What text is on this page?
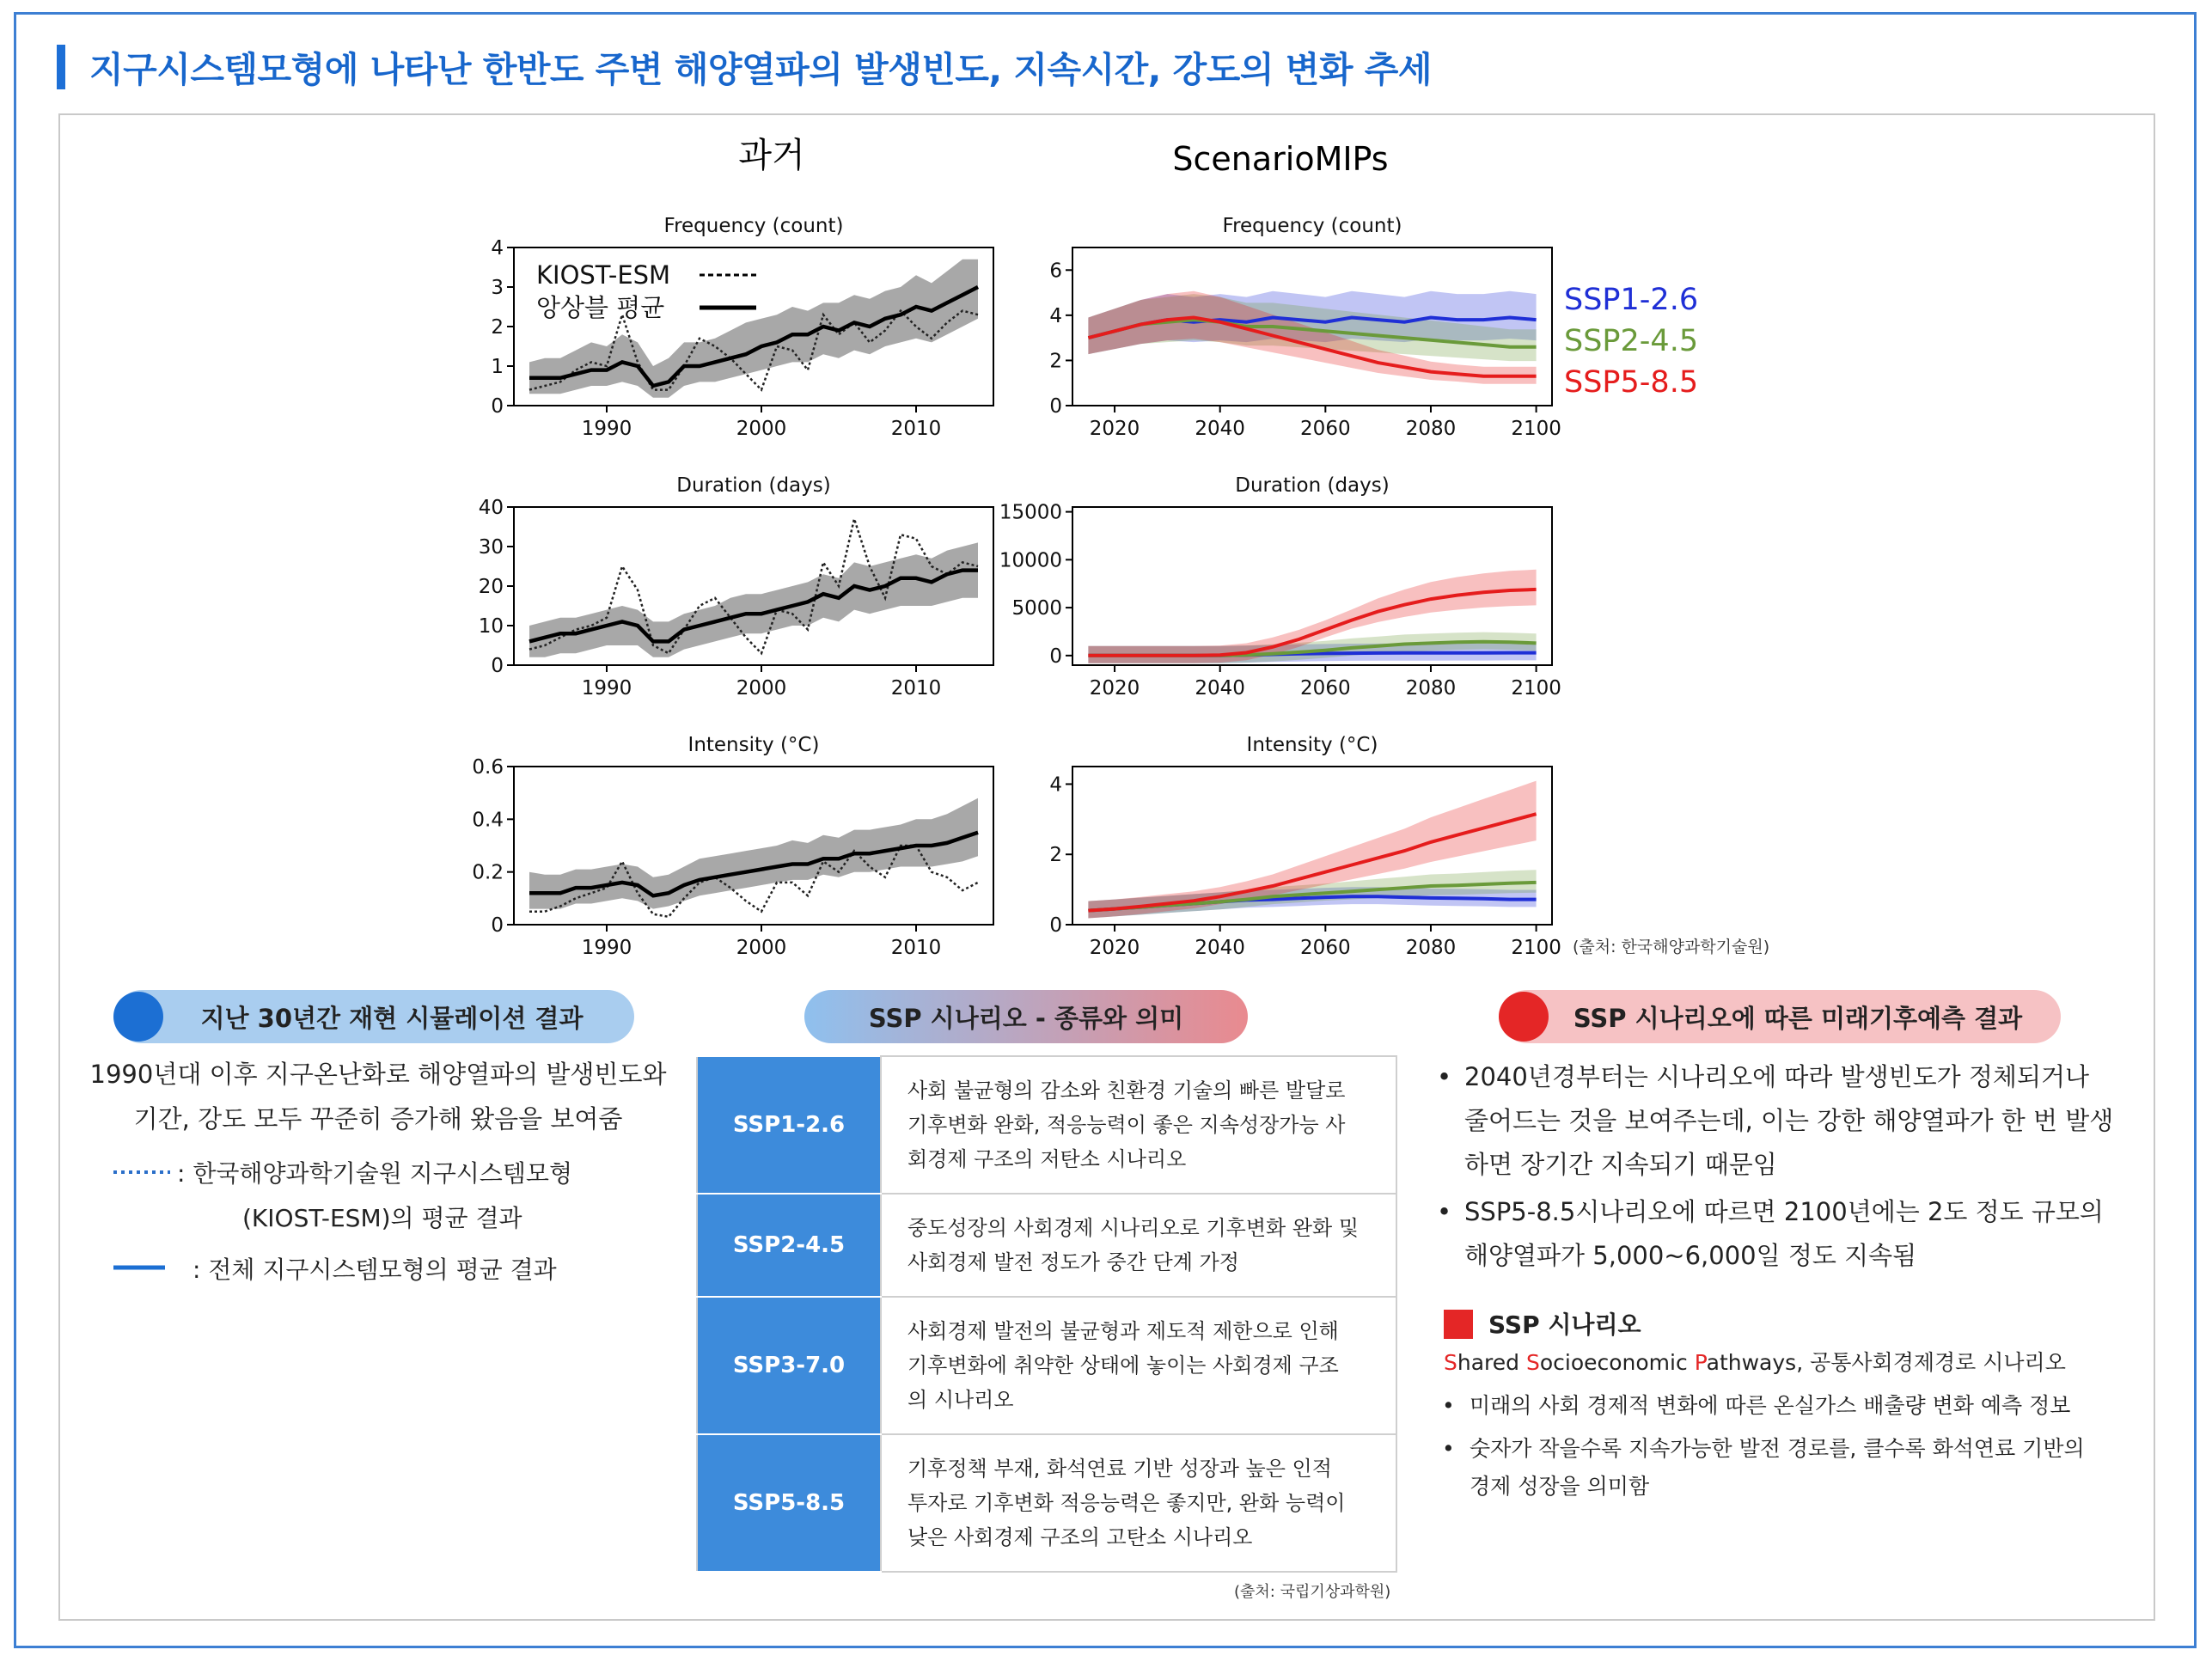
지구시스템모형에 나타난 한반도 주변 해양열파의 발생빈도, 지속시간, 강도의 변화 추세
과거	ScenarioMIPs
Frequency (count)
1990	2000	2010
0
1
2
3
4
Duration (days)
1990	2000	2010
0
10
20
30
40
Intensity (°C)
1990	2000	2010
0
0.2
0.4
0.6
Frequency (count)
2020	2040	2060	2080	2100
0
2
4
6
Duration (days)
2020	2040	2060	2080	2100
0
5000
10000
15000
Intensity (°C)
2020	2040	2060	2080	2100
0
2
4
KIOST-ESM
앙상블 평균	SSP1-2.6
SSP2-4.5
SSP5-8.5
(출처: 한국해양과학기술원)
지난 30년간 재현 시뮬레이션 결과
1990년대 이후 지구온난화로 해양열파의 발생빈도와
기간, 강도 모두 꾸준히 증가해 왔음을 보여줌
: 한국해양과학기술원 지구시스템모형
(KIOST-ESM)의 평균 결과
: 전체 지구시스템모형의 평균 결과
SSP 시나리오 - 종류와 의미
SSP1-2.6	사회 불균형의 감소와 친환경 기술의 빠른 발달로
기후변화 완화, 적응능력이 좋은 지속성장가능 사
회경제 구조의 저탄소 시나리오

SSP2-4.5	중도성장의 사회경제 시나리오로 기후변화 완화 및
사회경제 발전 정도가 중간 단계 가정

SSP3-7.0	사회경제 발전의 불균형과 제도적 제한으로 인해
기후변화에 취약한 상태에 놓이는 사회경제 구조
의 시나리오

SSP5-8.5	기후정책 부재, 화석연료 기반 성장과 높은 인적
투자로 기후변화 적응능력은 좋지만, 완화 능력이
낮은 사회경제 구조의 고탄소 시나리오
(출처: 국립기상과학원)
SSP 시나리오에 따른 미래기후예측 결과
• 2040년경부터는 시나리오에 따라 발생빈도가 정체되거나
줄어드는 것을 보여주는데, 이는 강한 해양열파가 한 번 발생
하면 장기간 지속되기 때문임
• SSP5-8.5시나리오에 따르면 2100년에는 2도 정도 규모의
해양열파가 5,000~6,000일 정도 지속됨
SSP 시나리오
Shared Socioeconomic Pathways, 공통사회경제경로 시나리오
• 미래의 사회 경제적 변화에 따른 온실가스 배출량 변화 예측 정보
• 숫자가 작을수록 지속가능한 발전 경로를, 클수록 화석연료 기반의
경제 성장을 의미함
